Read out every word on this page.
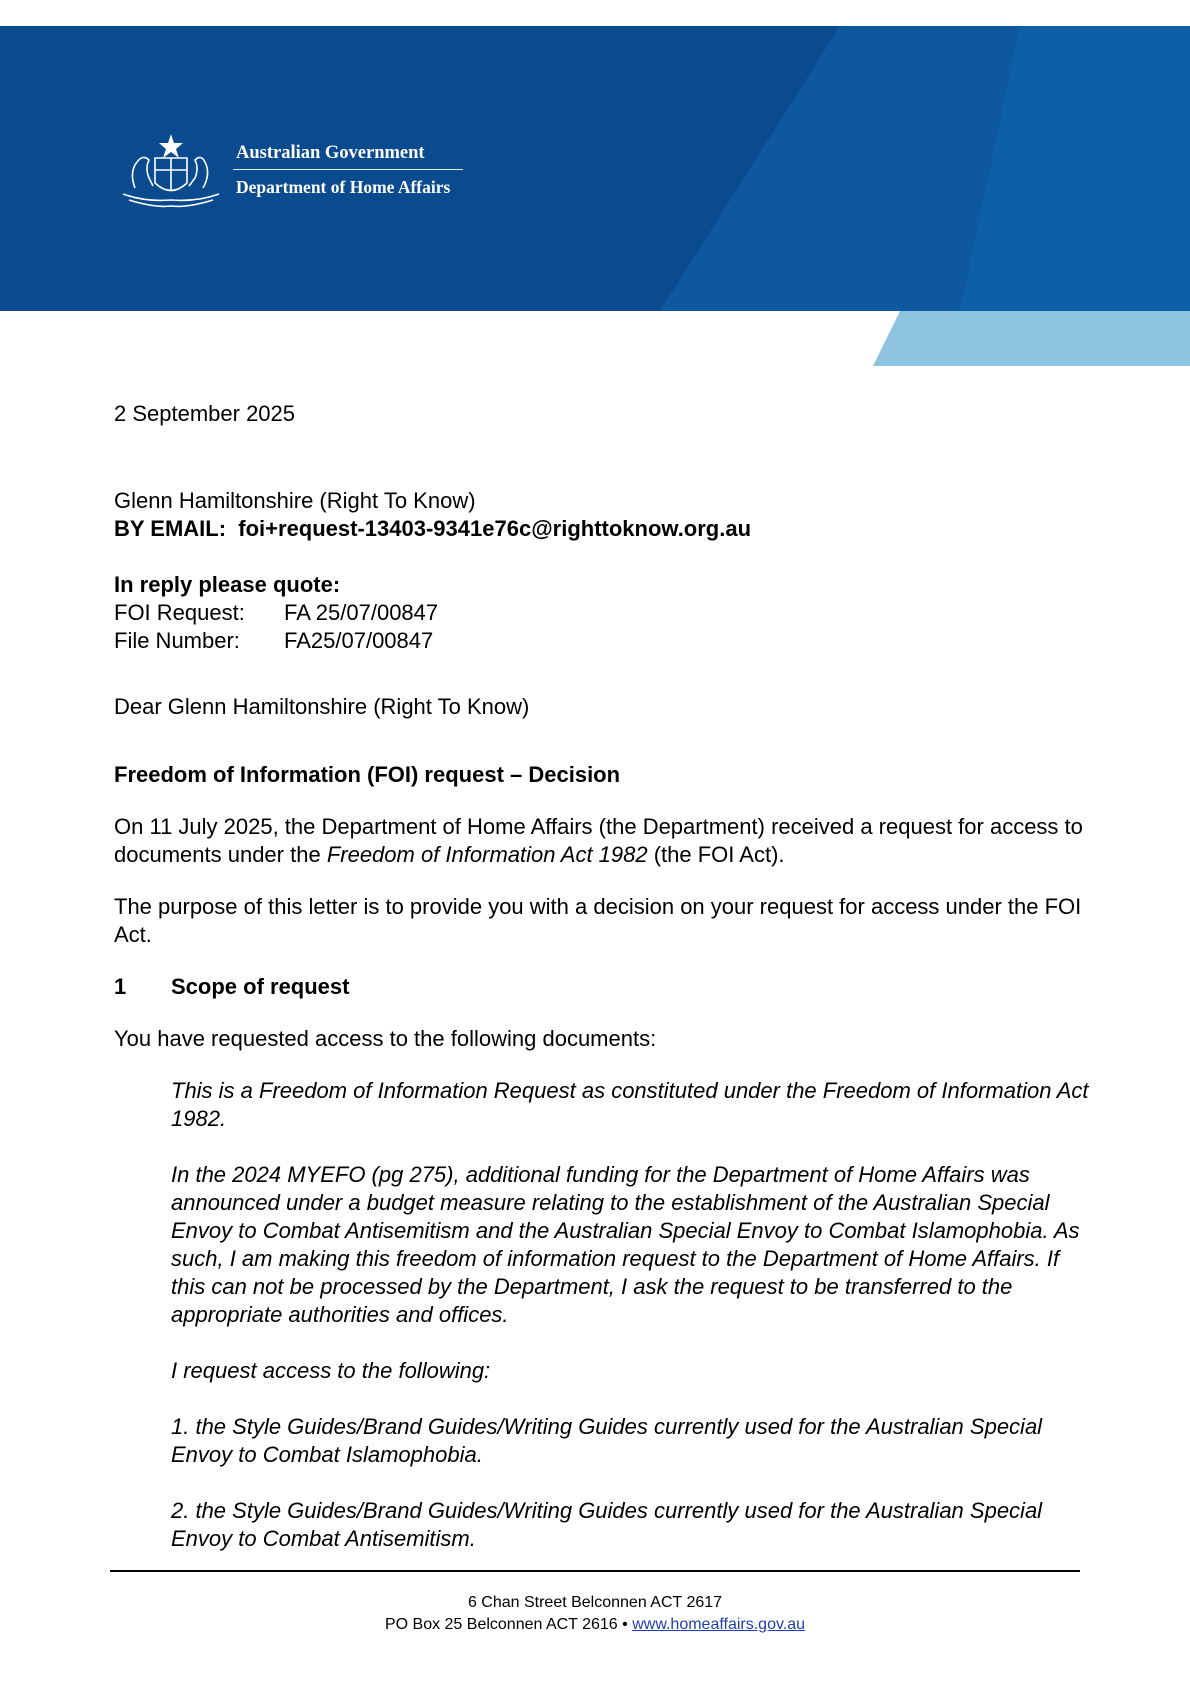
Australian Government
Department of Home Affairs

2 September 2025

Glenn Hamiltonshire (Right To Know)

BY EMAIL: foi+request-13403-9341e76c@righttoknow.org.au

In reply please quote:

FOI Request:	FA 25/07/00847
File Number:	FA25/07/00847

Dear Glenn Hamiltonshire (Right To Know)

Freedom of Information (FOI) request – Decision

On 11 July 2025, the Department of Home Affairs (the Department) received a request for access to documents under the Freedom of Information Act 1982 (the FOI Act).

The purpose of this letter is to provide you with a decision on your request for access under the FOI Act.

1 Scope of request

You have requested access to the following documents:

This is a Freedom of Information Request as constituted under the Freedom of Information Act 1982.

In the 2024 MYEFO (pg 275), additional funding for the Department of Home Affairs was announced under a budget measure relating to the establishment of the Australian Special Envoy to Combat Antisemitism and the Australian Special Envoy to Combat Islamophobia. As such, I am making this freedom of information request to the Department of Home Affairs. If this can not be processed by the Department, I ask the request to be transferred to the appropriate authorities and offices.

I request access to the following:

1. the Style Guides/Brand Guides/Writing Guides currently used for the Australian Special Envoy to Combat Islamophobia.

2. the Style Guides/Brand Guides/Writing Guides currently used for the Australian Special Envoy to Combat Antisemitism.

6 Chan Street Belconnen ACT 2617
PO Box 25 Belconnen ACT 2616 • www.homeaffairs.gov.au
